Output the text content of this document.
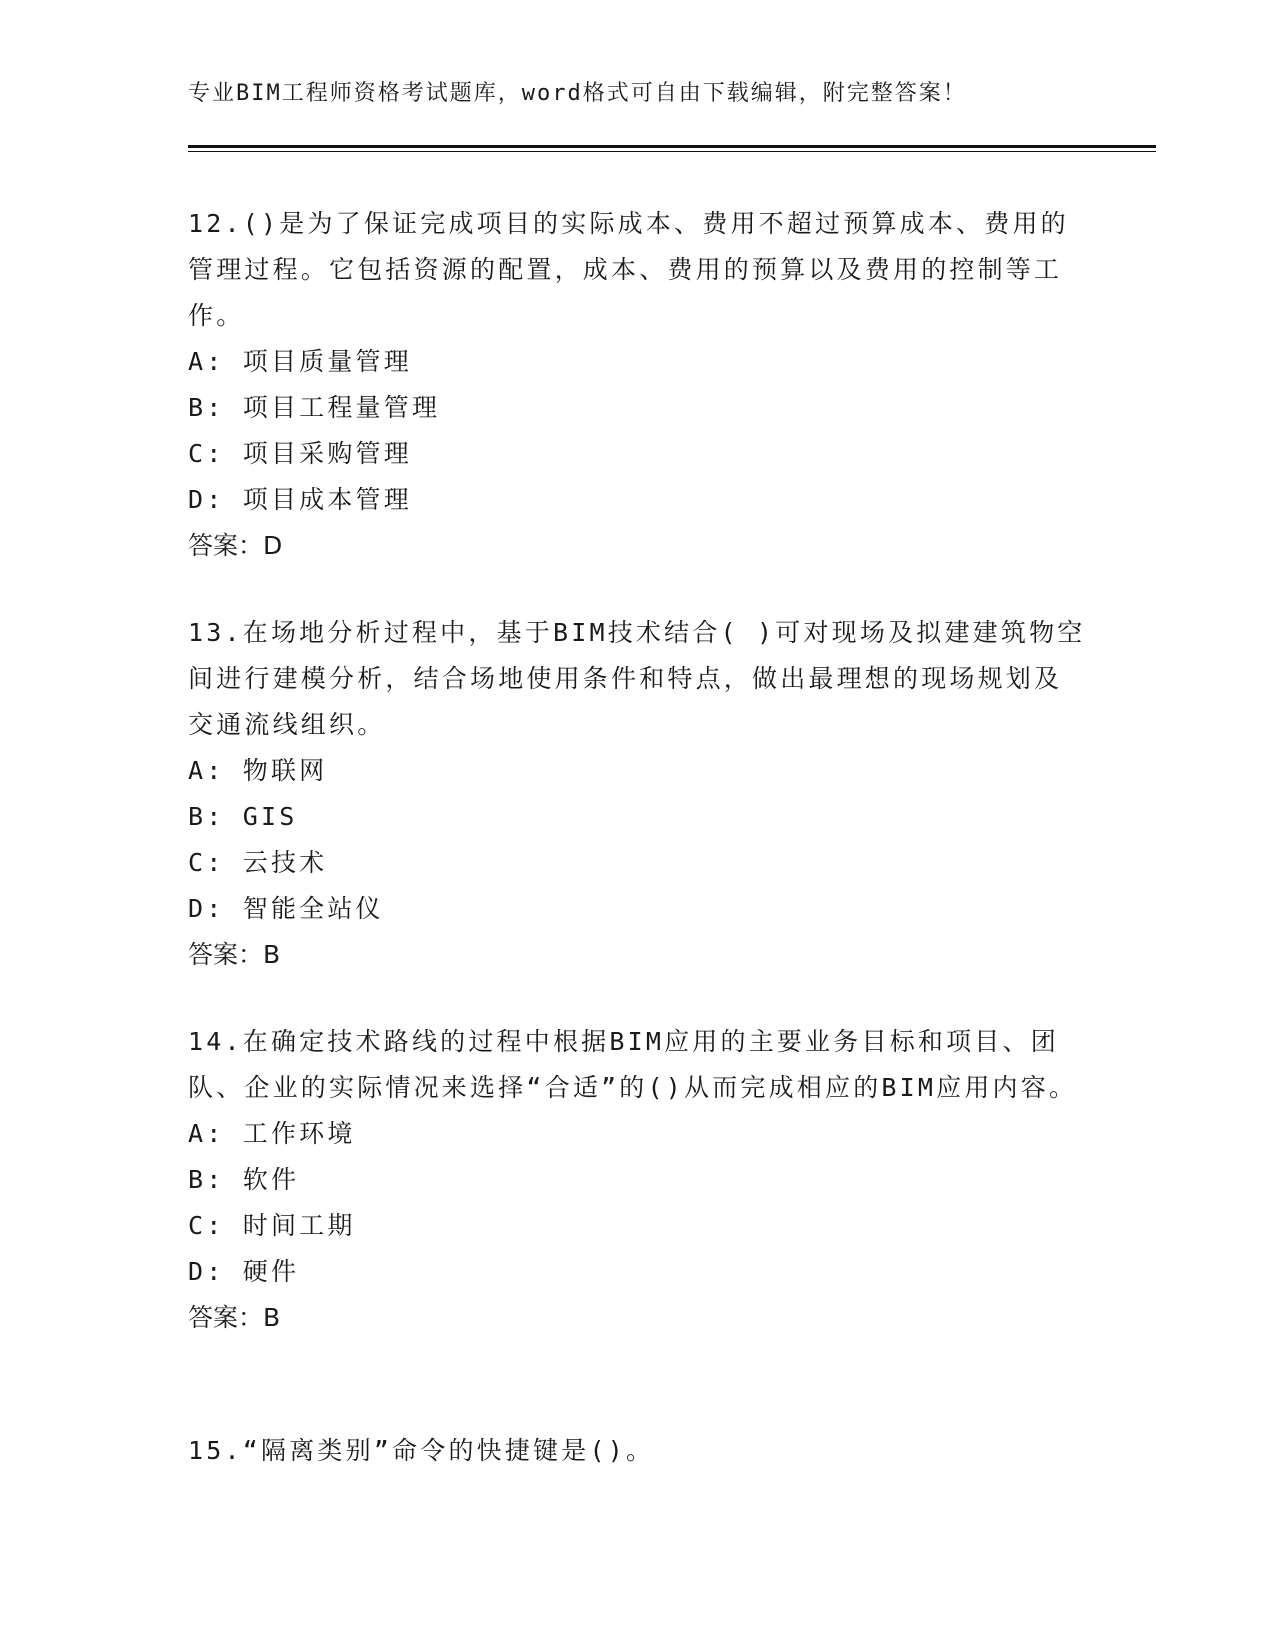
专业BIM工程师资格考试题库，word格式可自由下载编辑，附完整答案！

12.()是为了保证完成项目的实际成本、费用不超过预算成本、费用的管理过程。它包括资源的配置，成本、费用的预算以及费用的控制等工作。

A: 项目质量管理

B: 项目工程量管理

C: 项目采购管理

D: 项目成本管理

答案：D

13.在场地分析过程中，基于BIM技术结合( )可对现场及拟建建筑物空间进行建模分析，结合场地使用条件和特点，做出最理想的现场规划及交通流线组织。

A: 物联网

B: GIS

C: 云技术

D: 智能全站仪

答案：B

14.在确定技术路线的过程中根据BIM应用的主要业务目标和项目、团队、企业的实际情况来选择“合适”的()从而完成相应的BIM应用内容。

A: 工作环境

B: 软件

C: 时间工期

D: 硬件

答案：B

15.“隔离类别”命令的快捷键是()。
